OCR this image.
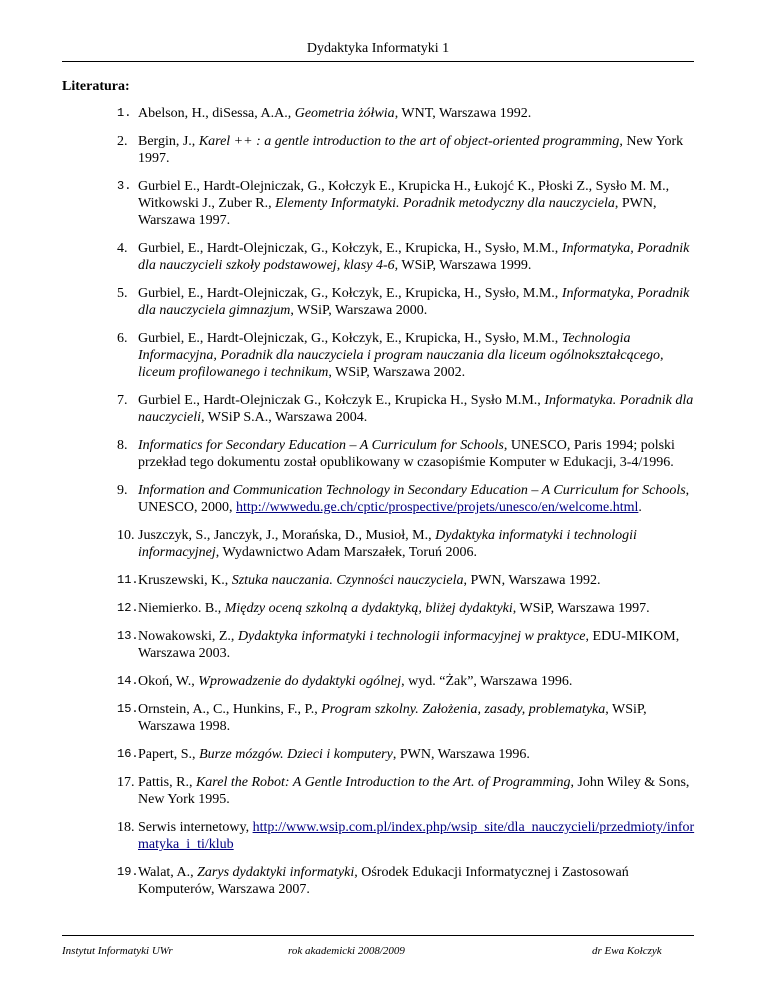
Dydaktyka Informatyki 1
Literatura:
1. Abelson, H., diSessa, A.A., Geometria żółwia, WNT, Warszawa 1992.
2. Bergin, J., Karel ++ : a gentle introduction to the art of object-oriented programming, New York 1997.
3. Gurbiel E., Hardt-Olejniczak, G., Kołczyk E., Krupicka H., Łukojć K., Płoski Z., Sysło M. M., Witkowski J., Zuber R., Elementy Informatyki. Poradnik metodyczny dla nauczyciela, PWN, Warszawa 1997.
4. Gurbiel, E., Hardt-Olejniczak, G., Kołczyk, E., Krupicka, H., Sysło, M.M., Informatyka, Poradnik dla nauczycieli szkoły podstawowej, klasy 4-6, WSiP, Warszawa 1999.
5. Gurbiel, E., Hardt-Olejniczak, G., Kołczyk, E., Krupicka, H., Sysło, M.M., Informatyka, Poradnik dla nauczyciela gimnazjum, WSiP, Warszawa 2000.
6. Gurbiel, E., Hardt-Olejniczak, G., Kołczyk, E., Krupicka, H., Sysło, M.M., Technologia Informacyjna, Poradnik dla nauczyciela i program nauczania dla liceum ogólnokształcącego, liceum profilowanego i technikum, WSiP, Warszawa 2002.
7. Gurbiel E., Hardt-Olejniczak G., Kołczyk E., Krupicka H., Sysło M.M., Informatyka. Poradnik dla nauczycieli, WSiP S.A., Warszawa 2004.
8. Informatics for Secondary Education – A Curriculum for Schools, UNESCO, Paris 1994; polski przekład tego dokumentu został opublikowany w czasopiśmie Komputer w Edukacji, 3-4/1996.
9. Information and Communication Technology in Secondary Education – A Curriculum for Schools, UNESCO, 2000, http://wwwedu.ge.ch/cptic/prospective/projets/unesco/en/welcome.html.
10. Juszczyk, S., Janczyk, J., Morańska, D., Musioł, M., Dydaktyka informatyki i technologii informacyjnej, Wydawnictwo Adam Marszałek, Toruń 2006.
11. Kruszewski, K., Sztuka nauczania. Czynności nauczyciela, PWN, Warszawa 1992.
12. Niemierko. B., Między oceną szkolną a dydaktyką, bliżej dydaktyki, WSiP, Warszawa 1997.
13. Nowakowski, Z., Dydaktyka informatyki i technologii informacyjnej w praktyce, EDU-MIKOM, Warszawa 2003.
14. Okoń, W., Wprowadzenie do dydaktyki ogólnej, wyd. “Żak”, Warszawa 1996.
15. Ornstein, A., C., Hunkins, F., P., Program szkolny. Założenia, zasady, problematyka, WSiP, Warszawa 1998.
16. Papert, S., Burze mózgów. Dzieci i komputery, PWN, Warszawa 1996.
17. Pattis, R., Karel the Robot: A Gentle Introduction to the Art. of Programming, John Wiley & Sons, New York 1995.
18. Serwis internetowy, http://www.wsip.com.pl/index.php/wsip_site/dla_nauczycieli/przedmioty/informatyka_i_ti/klub
19. Walat, A., Zarys dydaktyki informatyki, Ośrodek Edukacji Informatycznej i Zastosowań Komputerów, Warszawa 2007.
Instytut Informatyki UWr	rok akademicki 2008/2009	dr Ewa Kołczyk
